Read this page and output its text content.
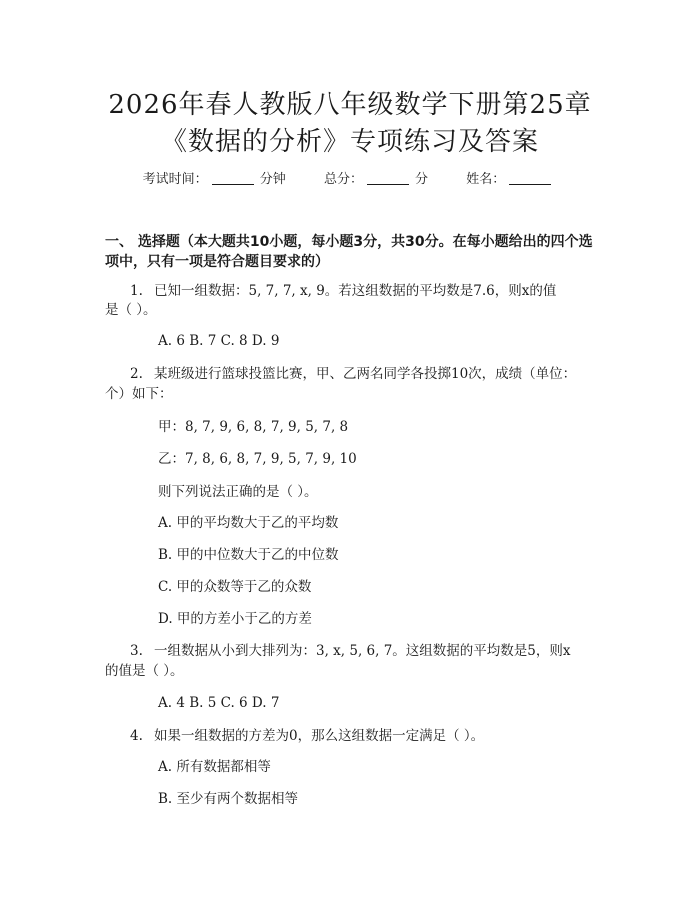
2026年春人教版八年级数学下册第25章
《数据的分析》专项练习及答案
考试时间：	分钟	总分：	分	姓名：
一、 选择题（本大题共10小题，每小题3分，共30分。在每小题给出的四个选
项中，只有一项是符合题目要求的）
1. 已知一组数据：5, 7, 7, x, 9。若这组数据的平均数是7.6，则x的值
是（ ）。
A. 6 B. 7 C. 8 D. 9
2. 某班级进行篮球投篮比赛，甲、乙两名同学各投掷10次，成绩（单位：
个）如下：
甲：8, 7, 9, 6, 8, 7, 9, 5, 7, 8
乙：7, 8, 6, 8, 7, 9, 5, 7, 9, 10
则下列说法正确的是（ ）。
A. 甲的平均数大于乙的平均数
B. 甲的中位数大于乙的中位数
C. 甲的众数等于乙的众数
D. 甲的方差小于乙的方差
3. 一组数据从小到大排列为：3, x, 5, 6, 7。这组数据的平均数是5，则x
的值是（ ）。
A. 4 B. 5 C. 6 D. 7
4. 如果一组数据的方差为0，那么这组数据一定满足（ ）。
A. 所有数据都相等
B. 至少有两个数据相等
